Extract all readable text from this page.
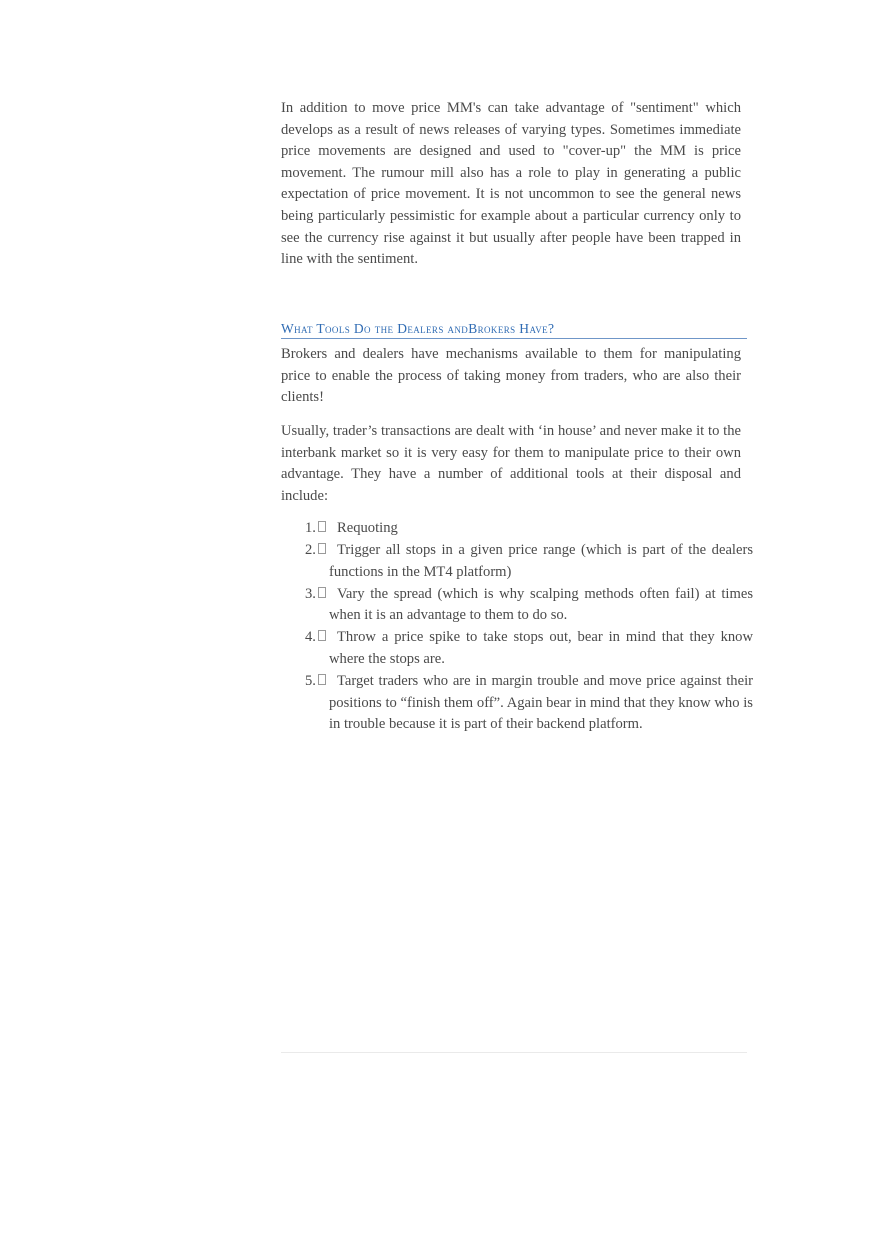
In addition to move price MM's can take advantage of "sentiment" which develops as a result of news releases of varying types. Sometimes immediate price movements are designed and used to "cover-up" the MM is price movement. The rumour mill also has a role to play in generating a public expectation of price movement. It is not uncommon to see the general news being particularly pessimistic for example about a particular currency only to see the currency rise against it but usually after people have been trapped in line with the sentiment.

What Tools Do the Dealers andBrokers Have?

Brokers and dealers have mechanisms available to them for manipulating price to enable the process of taking money from traders, who are also their clients!

Usually, trader’s transactions are dealt with ‘in house’ and never make it to the interbank market so it is very easy for them to manipulate price to their own advantage. They have a number of additional tools at their disposal and include:

1.	Requoting
2.	Trigger all stops in a given price range (which is part of the dealers functions in the MT4 platform)
3.	Vary the spread (which is why scalping methods often fail) at times when it is an advantage to them to do so.
4.	Throw a price spike to take stops out, bear in mind that they know where the stops are.
5.	Target traders who are in margin trouble and move price against their positions to “finish them off”. Again bear in mind that they know who is in trouble because it is part of their backend platform.
